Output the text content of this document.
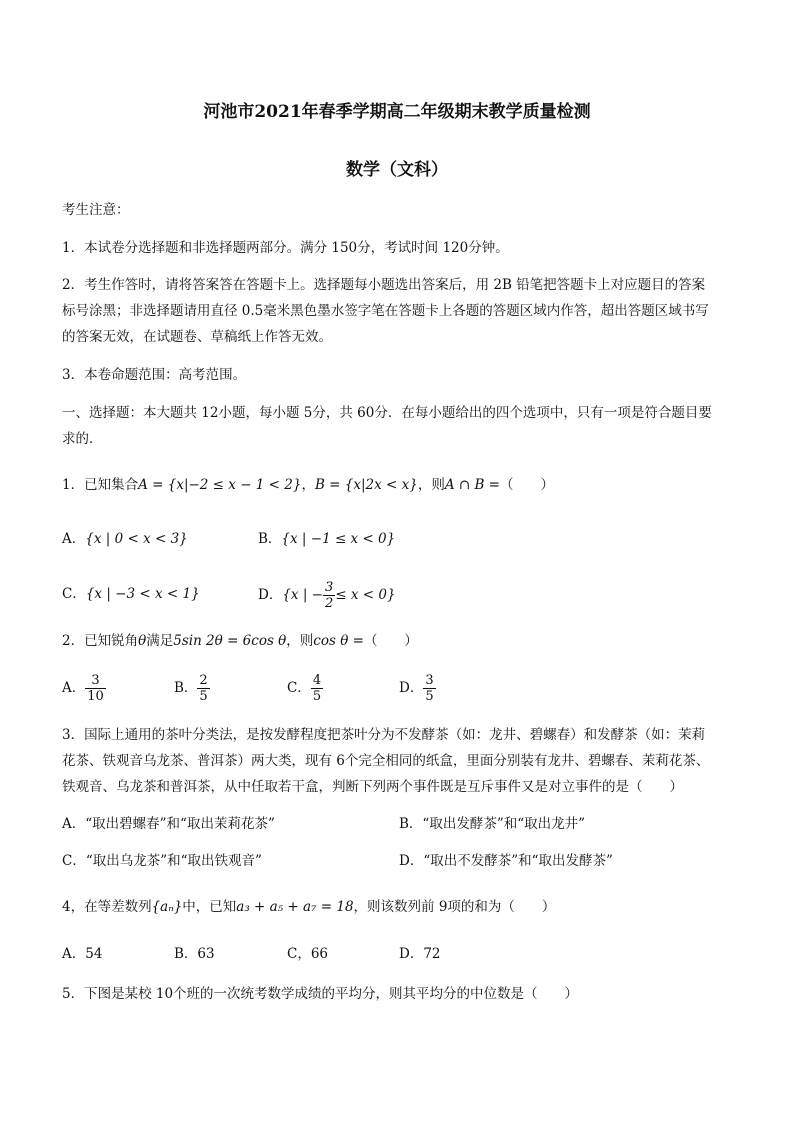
河池市2021年春季学期高二年级期末教学质量检测
数学（文科）
考生注意：
1．本试卷分选择题和非选择题两部分。满分 150分，考试时间 120分钟。
2．考生作答时，请将答案答在答题卡上。选择题每小题选出答案后，用 2B 铅笔把答题卡上对应题目的答案
标号涂黑；非选择题请用直径 0.5毫米黑色墨水签字笔在答题卡上各题的答题区域内作答，超出答题区域书写
的答案无效，在试题卷、草稿纸上作答无效。
3．本卷命题范围：高考范围。
一、选择题：本大题共 12小题，每小题 5分，共 60分．在每小题给出的四个选项中，只有一项是符合题目要
求的．
1．已知集合A = {x|−2 ≤ x − 1 < 2}，B = {x|2x < x}，则A ∩ B =（　　）
A．{x | 0 < x < 3}	B．{x | −1 ≤ x < 0}
C．{x | −3 < x < 1}	D．{x | − $\frac{3}{2} \le x < 0$}
2．已知锐角θ满足5sin 2θ = 6cos θ，则cos θ =（　　）
A． $\frac{3}{10}$	B． $\frac{2}{5}$	C． $\frac{4}{5}$	D． $\frac{3}{5}$
3．国际上通用的茶叶分类法，是按发酵程度把茶叶分为不发酵茶（如：龙井、碧螺春）和发酵茶（如：茉莉
花茶、铁观音乌龙茶、普洱茶）两大类，现有 6个完全相同的纸盒，里面分别装有龙井、碧螺春、茉莉花茶、
铁观音、乌龙茶和普洱茶，从中任取若干盒，判断下列两个事件既是互斥事件又是对立事件的是（　　）
A．“取出碧螺春”和“取出茉莉花茶”	B．“取出发酵茶”和“取出龙井”
C．“取出乌龙茶”和“取出铁观音”	D．“取出不发酵茶”和“取出发酵茶”
4，在等差数列{aₙ}中，已知a₃ + a₅ + a₇ = 18，则该数列前 9项的和为（　　）
A．54	B．63	C，66	D．72
5．下图是某校 10个班的一次统考数学成绩的平均分，则其平均分的中位数是（　　）
